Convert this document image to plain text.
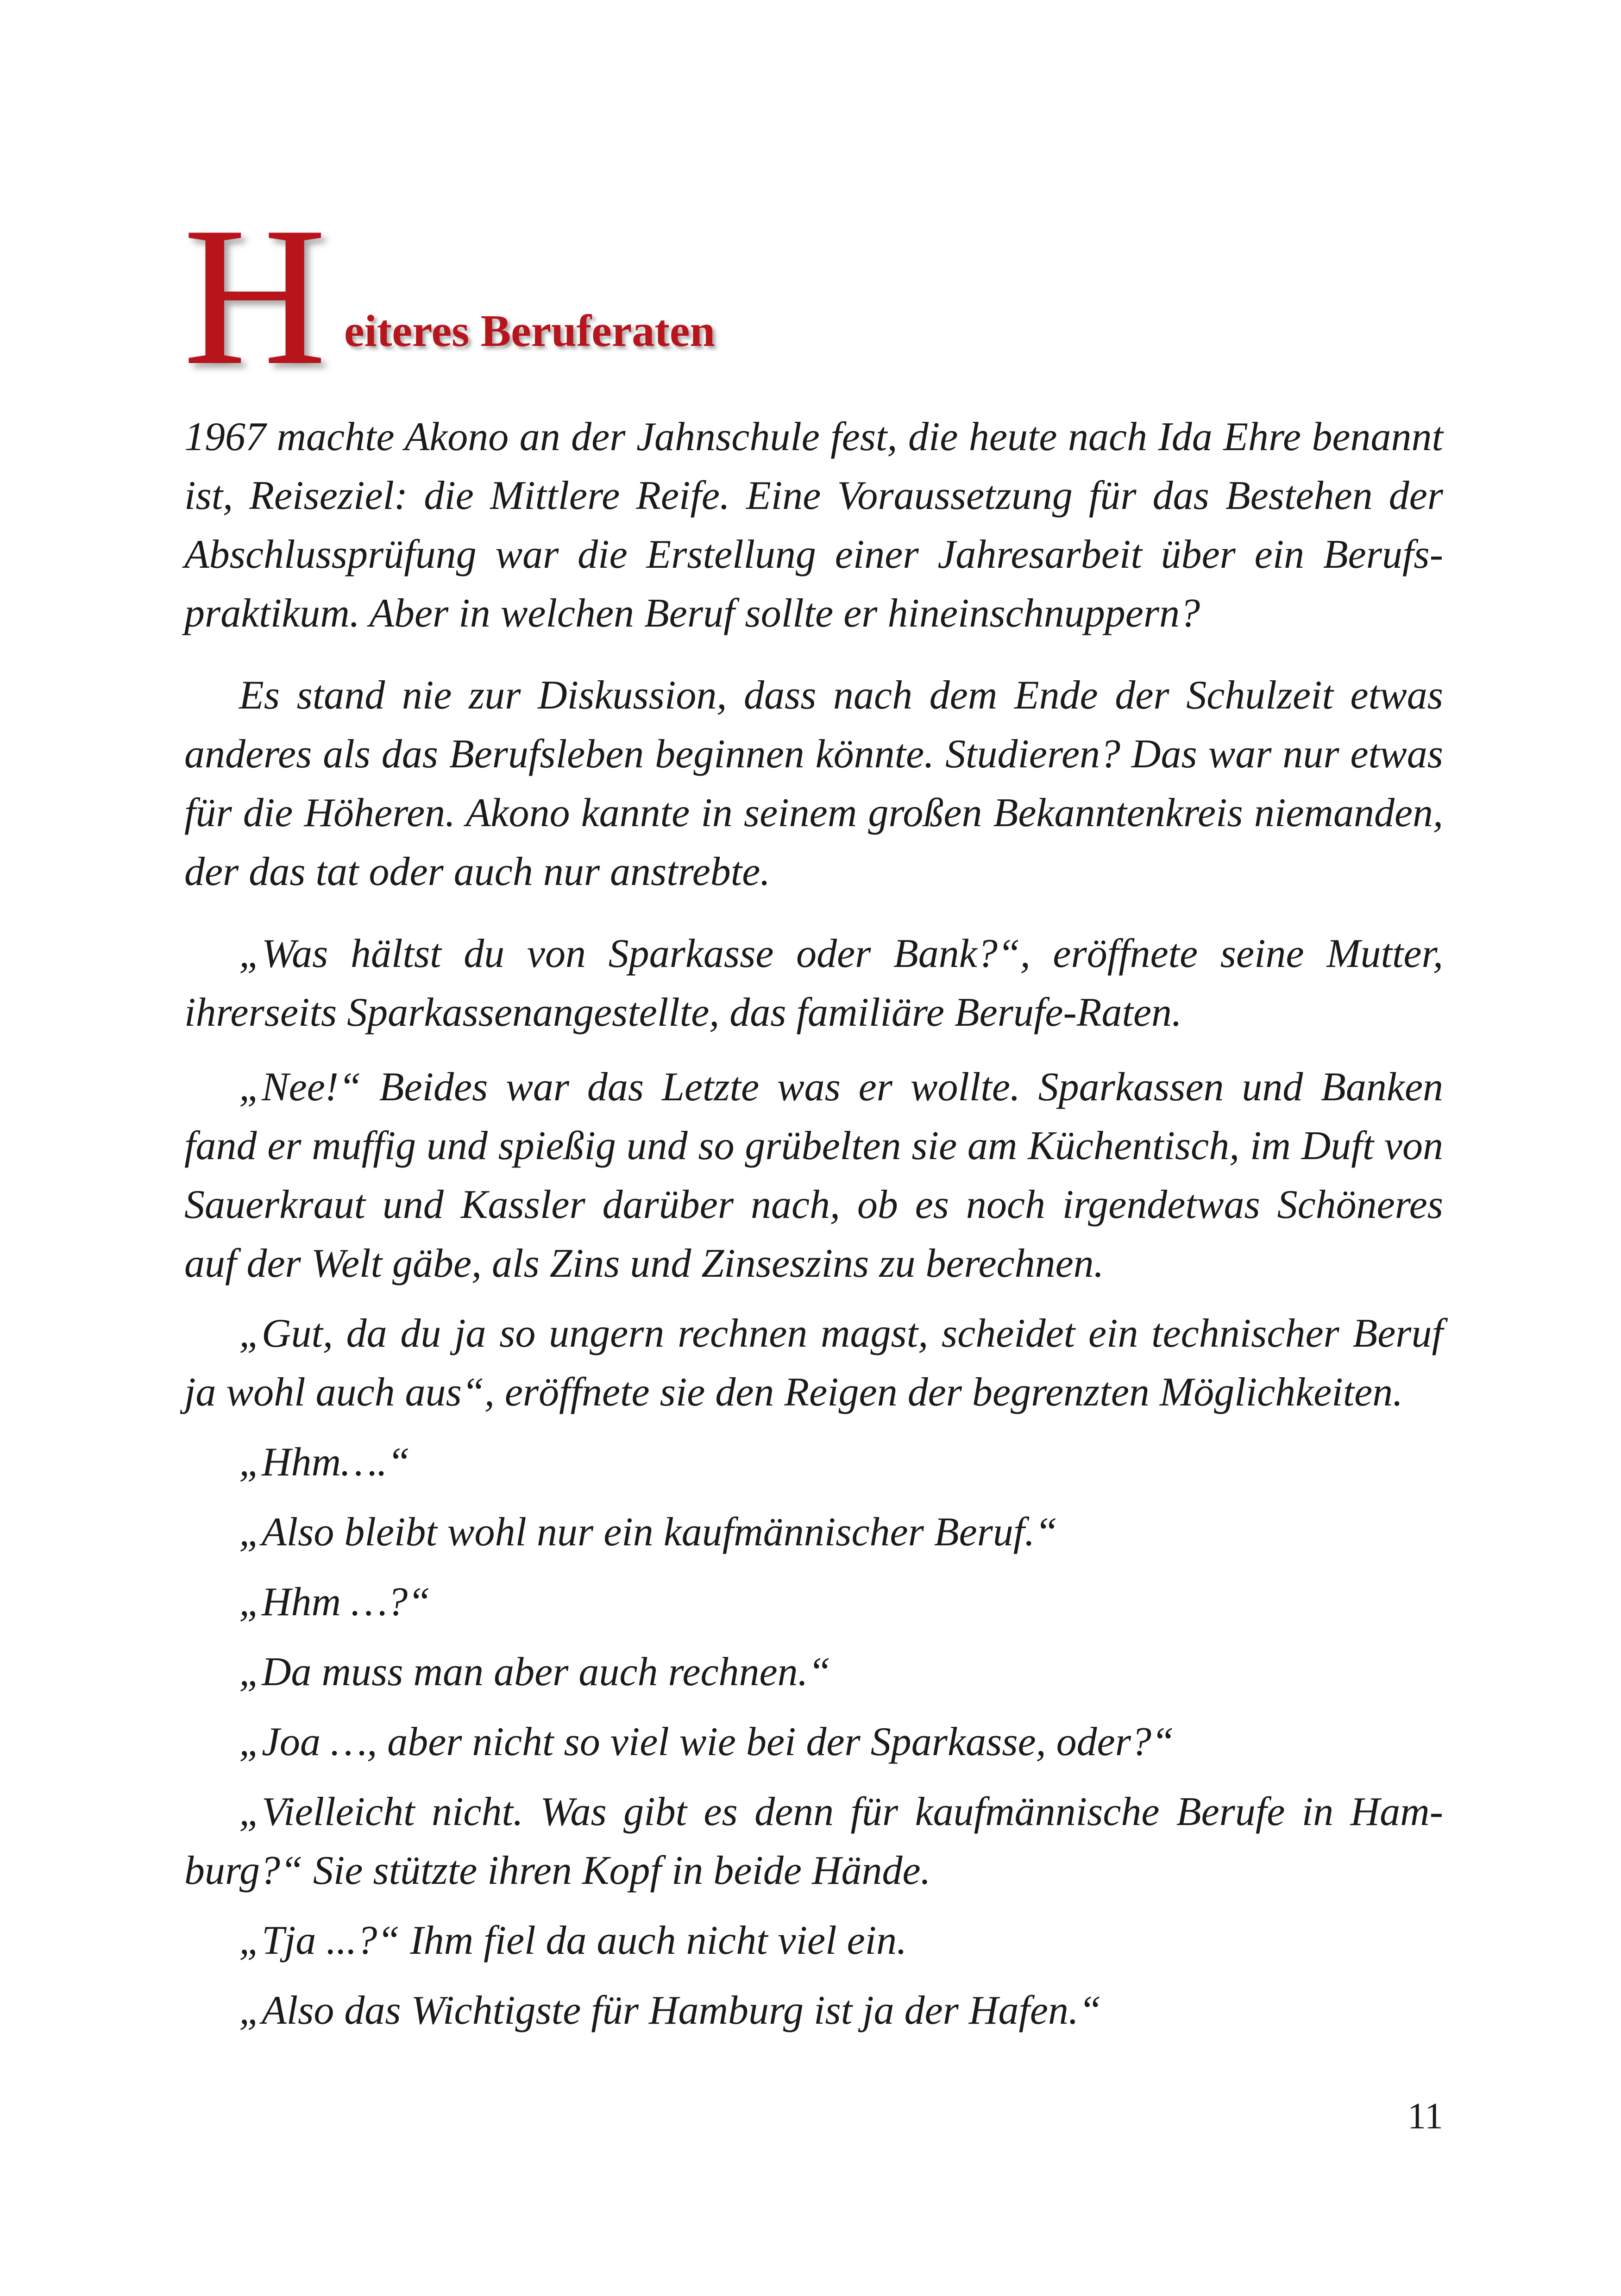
H eiteres Beruferaten

1967 machte Akono an der Jahnschule fest, die heute nach Ida Ehre benannt ist, Reiseziel: die Mittlere Reife. Eine Voraussetzung für das Bestehen der Abschlussprüfung war die Erstellung einer Jahresarbeit über ein Berufspraktikum. Aber in welchen Beruf sollte er hineinschnuppern?

Es stand nie zur Diskussion, dass nach dem Ende der Schulzeit etwas anderes als das Berufsleben beginnen könnte. Studieren? Das war nur etwas für die Höheren. Akono kannte in seinem großen Bekanntenkreis niemanden, der das tat oder auch nur anstrebte.

„Was hältst du von Sparkasse oder Bank?“, eröffnete seine Mutter, ihrerseits Sparkassenangestellte, das familiäre Berufe-Raten.

„Nee!“ Beides war das Letzte was er wollte. Sparkassen und Banken fand er muffig und spießig und so grübelten sie am Küchentisch, im Duft von Sauerkraut und Kassler darüber nach, ob es noch irgendetwas Schöneres auf der Welt gäbe, als Zins und Zinseszins zu berechnen.

„Gut, da du ja so ungern rechnen magst, scheidet ein technischer Beruf ja wohl auch aus“, eröffnete sie den Reigen der begrenzten Möglichkeiten.

„Hhm….“

„Also bleibt wohl nur ein kaufmännischer Beruf.“

„Hhm …?“

„Da muss man aber auch rechnen.“

„Joa …, aber nicht so viel wie bei der Sparkasse, oder?“

„Vielleicht nicht. Was gibt es denn für kaufmännische Berufe in Hamburg?“ Sie stützte ihren Kopf in beide Hände.

„Tja ...?“ Ihm fiel da auch nicht viel ein.

„Also das Wichtigste für Hamburg ist ja der Hafen.“

11
